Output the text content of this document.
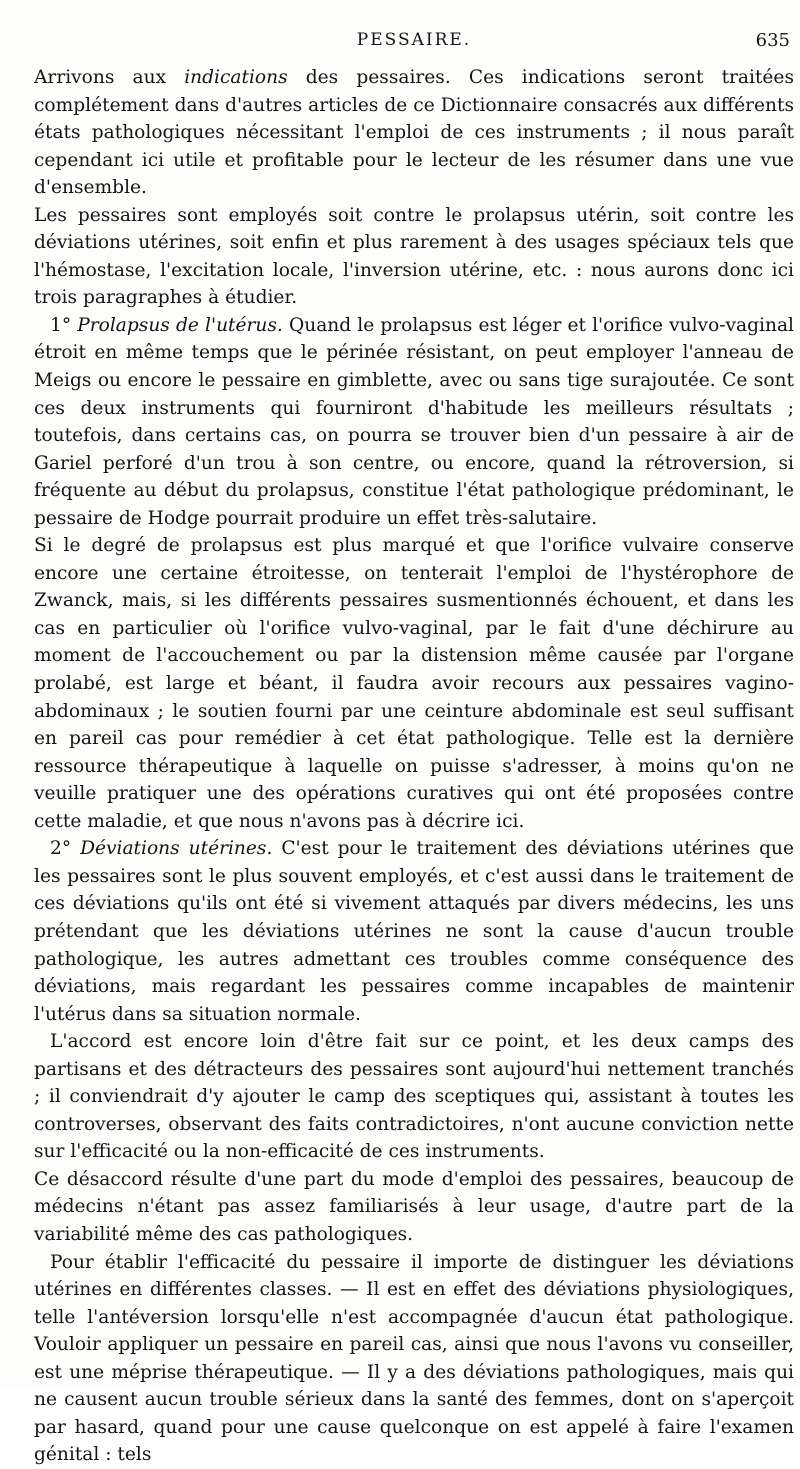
PESSAIRE.	635

Arrivons aux indications des pessaires. Ces indications seront traitées complétement dans d'autres articles de ce Dictionnaire consacrés aux différents états pathologiques nécessitant l'emploi de ces instruments ; il nous paraît cependant ici utile et profitable pour le lecteur de les résumer dans une vue d'ensemble.

Les pessaires sont employés soit contre le prolapsus utérin, soit contre les déviations utérines, soit enfin et plus rarement à des usages spéciaux tels que l'hémostase, l'excitation locale, l'inversion utérine, etc. : nous aurons donc ici trois paragraphes à étudier.

1° Prolapsus de l'utérus. Quand le prolapsus est léger et l'orifice vulvo-vaginal étroit en même temps que le périnée résistant, on peut employer l'anneau de Meigs ou encore le pessaire en gimblette, avec ou sans tige surajoutée. Ce sont ces deux instruments qui fourniront d'habitude les meilleurs résultats ; toutefois, dans certains cas, on pourra se trouver bien d'un pessaire à air de Gariel perforé d'un trou à son centre, ou encore, quand la rétroversion, si fréquente au début du prolapsus, constitue l'état pathologique prédominant, le pessaire de Hodge pourrait produire un effet très-salutaire.

Si le degré de prolapsus est plus marqué et que l'orifice vulvaire conserve encore une certaine étroitesse, on tenterait l'emploi de l'hystérophore de Zwanck, mais, si les différents pessaires susmentionnés échouent, et dans les cas en particulier où l'orifice vulvo-vaginal, par le fait d'une déchirure au moment de l'accouchement ou par la distension même causée par l'organe prolabé, est large et béant, il faudra avoir recours aux pessaires vagino-abdominaux ; le soutien fourni par une ceinture abdominale est seul suffisant en pareil cas pour remédier à cet état pathologique. Telle est la dernière ressource thérapeutique à laquelle on puisse s'adresser, à moins qu'on ne veuille pratiquer une des opérations curatives qui ont été proposées contre cette maladie, et que nous n'avons pas à décrire ici.

2° Déviations utérines. C'est pour le traitement des déviations utérines que les pessaires sont le plus souvent employés, et c'est aussi dans le traitement de ces déviations qu'ils ont été si vivement attaqués par divers médecins, les uns prétendant que les déviations utérines ne sont la cause d'aucun trouble pathologique, les autres admettant ces troubles comme conséquence des déviations, mais regardant les pessaires comme incapables de maintenir l'utérus dans sa situation normale.

L'accord est encore loin d'être fait sur ce point, et les deux camps des partisans et des détracteurs des pessaires sont aujourd'hui nettement tranchés ; il conviendrait d'y ajouter le camp des sceptiques qui, assistant à toutes les controverses, observant des faits contradictoires, n'ont aucune conviction nette sur l'efficacité ou la non-efficacité de ces instruments.

Ce désaccord résulte d'une part du mode d'emploi des pessaires, beaucoup de médecins n'étant pas assez familiarisés à leur usage, d'autre part de la variabilité même des cas pathologiques.

Pour établir l'efficacité du pessaire il importe de distinguer les déviations utérines en différentes classes. — Il est en effet des déviations physiologiques, telle l'antéversion lorsqu'elle n'est accompagnée d'aucun état pathologique. Vouloir appliquer un pessaire en pareil cas, ainsi que nous l'avons vu conseiller, est une méprise thérapeutique. — Il y a des déviations pathologiques, mais qui ne causent aucun trouble sérieux dans la santé des femmes, dont on s'aperçoit par hasard, quand pour une cause quelconque on est appelé à faire l'examen génital : tels
